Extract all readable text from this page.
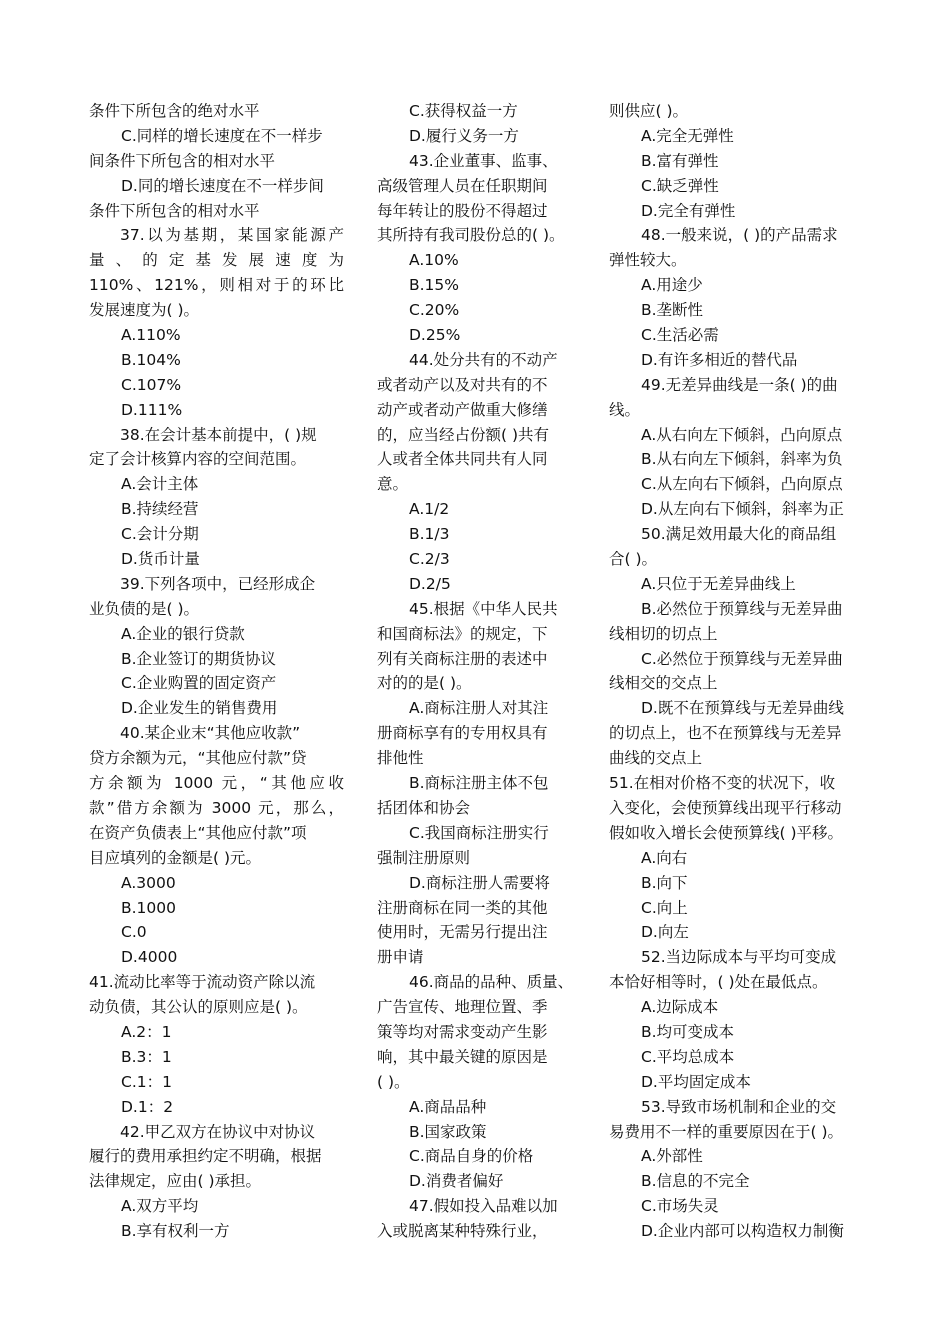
条件下所包含的绝对水平
C.同样的增长速度在不一样步
间条件下所包含的相对水平
D.同的增长速度在不一样步间
条件下所包含的相对水平
37.以为基期，某国家能源产
量 、 的 定 基 发 展 速 度 为
110%、121%，则相对于的环比
发展速度为( )。
A.110%
B.104%
C.107%
D.111%
38.在会计基本前提中，( )规
定了会计核算内容的空间范围。
A.会计主体
B.持续经营
C.会计分期
D.货币计量
39.下列各项中，已经形成企
业负债的是( )。
A.企业的银行贷款
B.企业签订的期货协议
C.企业购置的固定资产
D.企业发生的销售费用
40.某企业末“其他应收款”
贷方余额为元，“其他应付款”贷
方余额为 1000 元，“其他应收
款”借方余额为 3000 元，那么，
在资产负债表上“其他应付款”项
目应填列的金额是( )元。
A.3000
B.1000
C.0
D.4000
41.流动比率等于流动资产除以流
动负债，其公认的原则应是( )。
A.2：1
B.3：1
C.1：1
D.1：2
42.甲乙双方在协议中对协议
履行的费用承担约定不明确，根据
法律规定，应由( )承担。
A.双方平均
B.享有权利一方
C.获得权益一方
D.履行义务一方
43.企业董事、监事、
高级管理人员在任职期间
每年转让的股份不得超过
其所持有我司股份总的( )。
A.10%
B.15%
C.20%
D.25%
44.处分共有的不动产
或者动产以及对共有的不
动产或者动产做重大修缮
的，应当经占份额( )共有
人或者全体共同共有人同
意。
A.1/2
B.1/3
C.2/3
D.2/5
45.根据《中华人民共
和国商标法》的规定，下
列有关商标注册的表述中
对的的是( )。
A.商标注册人对其注
册商标享有的专用权具有
排他性
B.商标注册主体不包
括团体和协会
C.我国商标注册实行
强制注册原则
D.商标注册人需要将
注册商标在同一类的其他
使用时，无需另行提出注
册申请
46.商品的品种、质量、
广告宣传、地理位置、季
策等均对需求变动产生影
响，其中最关键的原因是
( )。
A.商品品种
B.国家政策
C.商品自身的价格
D.消费者偏好
47.假如投入品难以加
入或脱离某种特殊行业，
则供应( )。
A.完全无弹性
B.富有弹性
C.缺乏弹性
D.完全有弹性
48.一般来说，( )的产品需求
弹性较大。
A.用途少
B.垄断性
C.生活必需
D.有许多相近的替代品
49.无差异曲线是一条( )的曲
线。
A.从右向左下倾斜，凸向原点
B.从右向左下倾斜，斜率为负
C.从左向右下倾斜，凸向原点
D.从左向右下倾斜，斜率为正
50.满足效用最大化的商品组
合( )。
A.只位于无差异曲线上
B.必然位于预算线与无差异曲
线相切的切点上
C.必然位于预算线与无差异曲
线相交的交点上
D.既不在预算线与无差异曲线
的切点上，也不在预算线与无差异
曲线的交点上
51.在相对价格不变的状况下，收
入变化，会使预算线出现平行移动
假如收入增长会使预算线( )平移。
A.向右
B.向下
C.向上
D.向左
52.当边际成本与平均可变成
本恰好相等时，( )处在最低点。
A.边际成本
B.均可变成本
C.平均总成本
D.平均固定成本
53.导致市场机制和企业的交
易费用不一样的重要原因在于( )。
A.外部性
B.信息的不完全
C.市场失灵
D.企业内部可以构造权力制衡
